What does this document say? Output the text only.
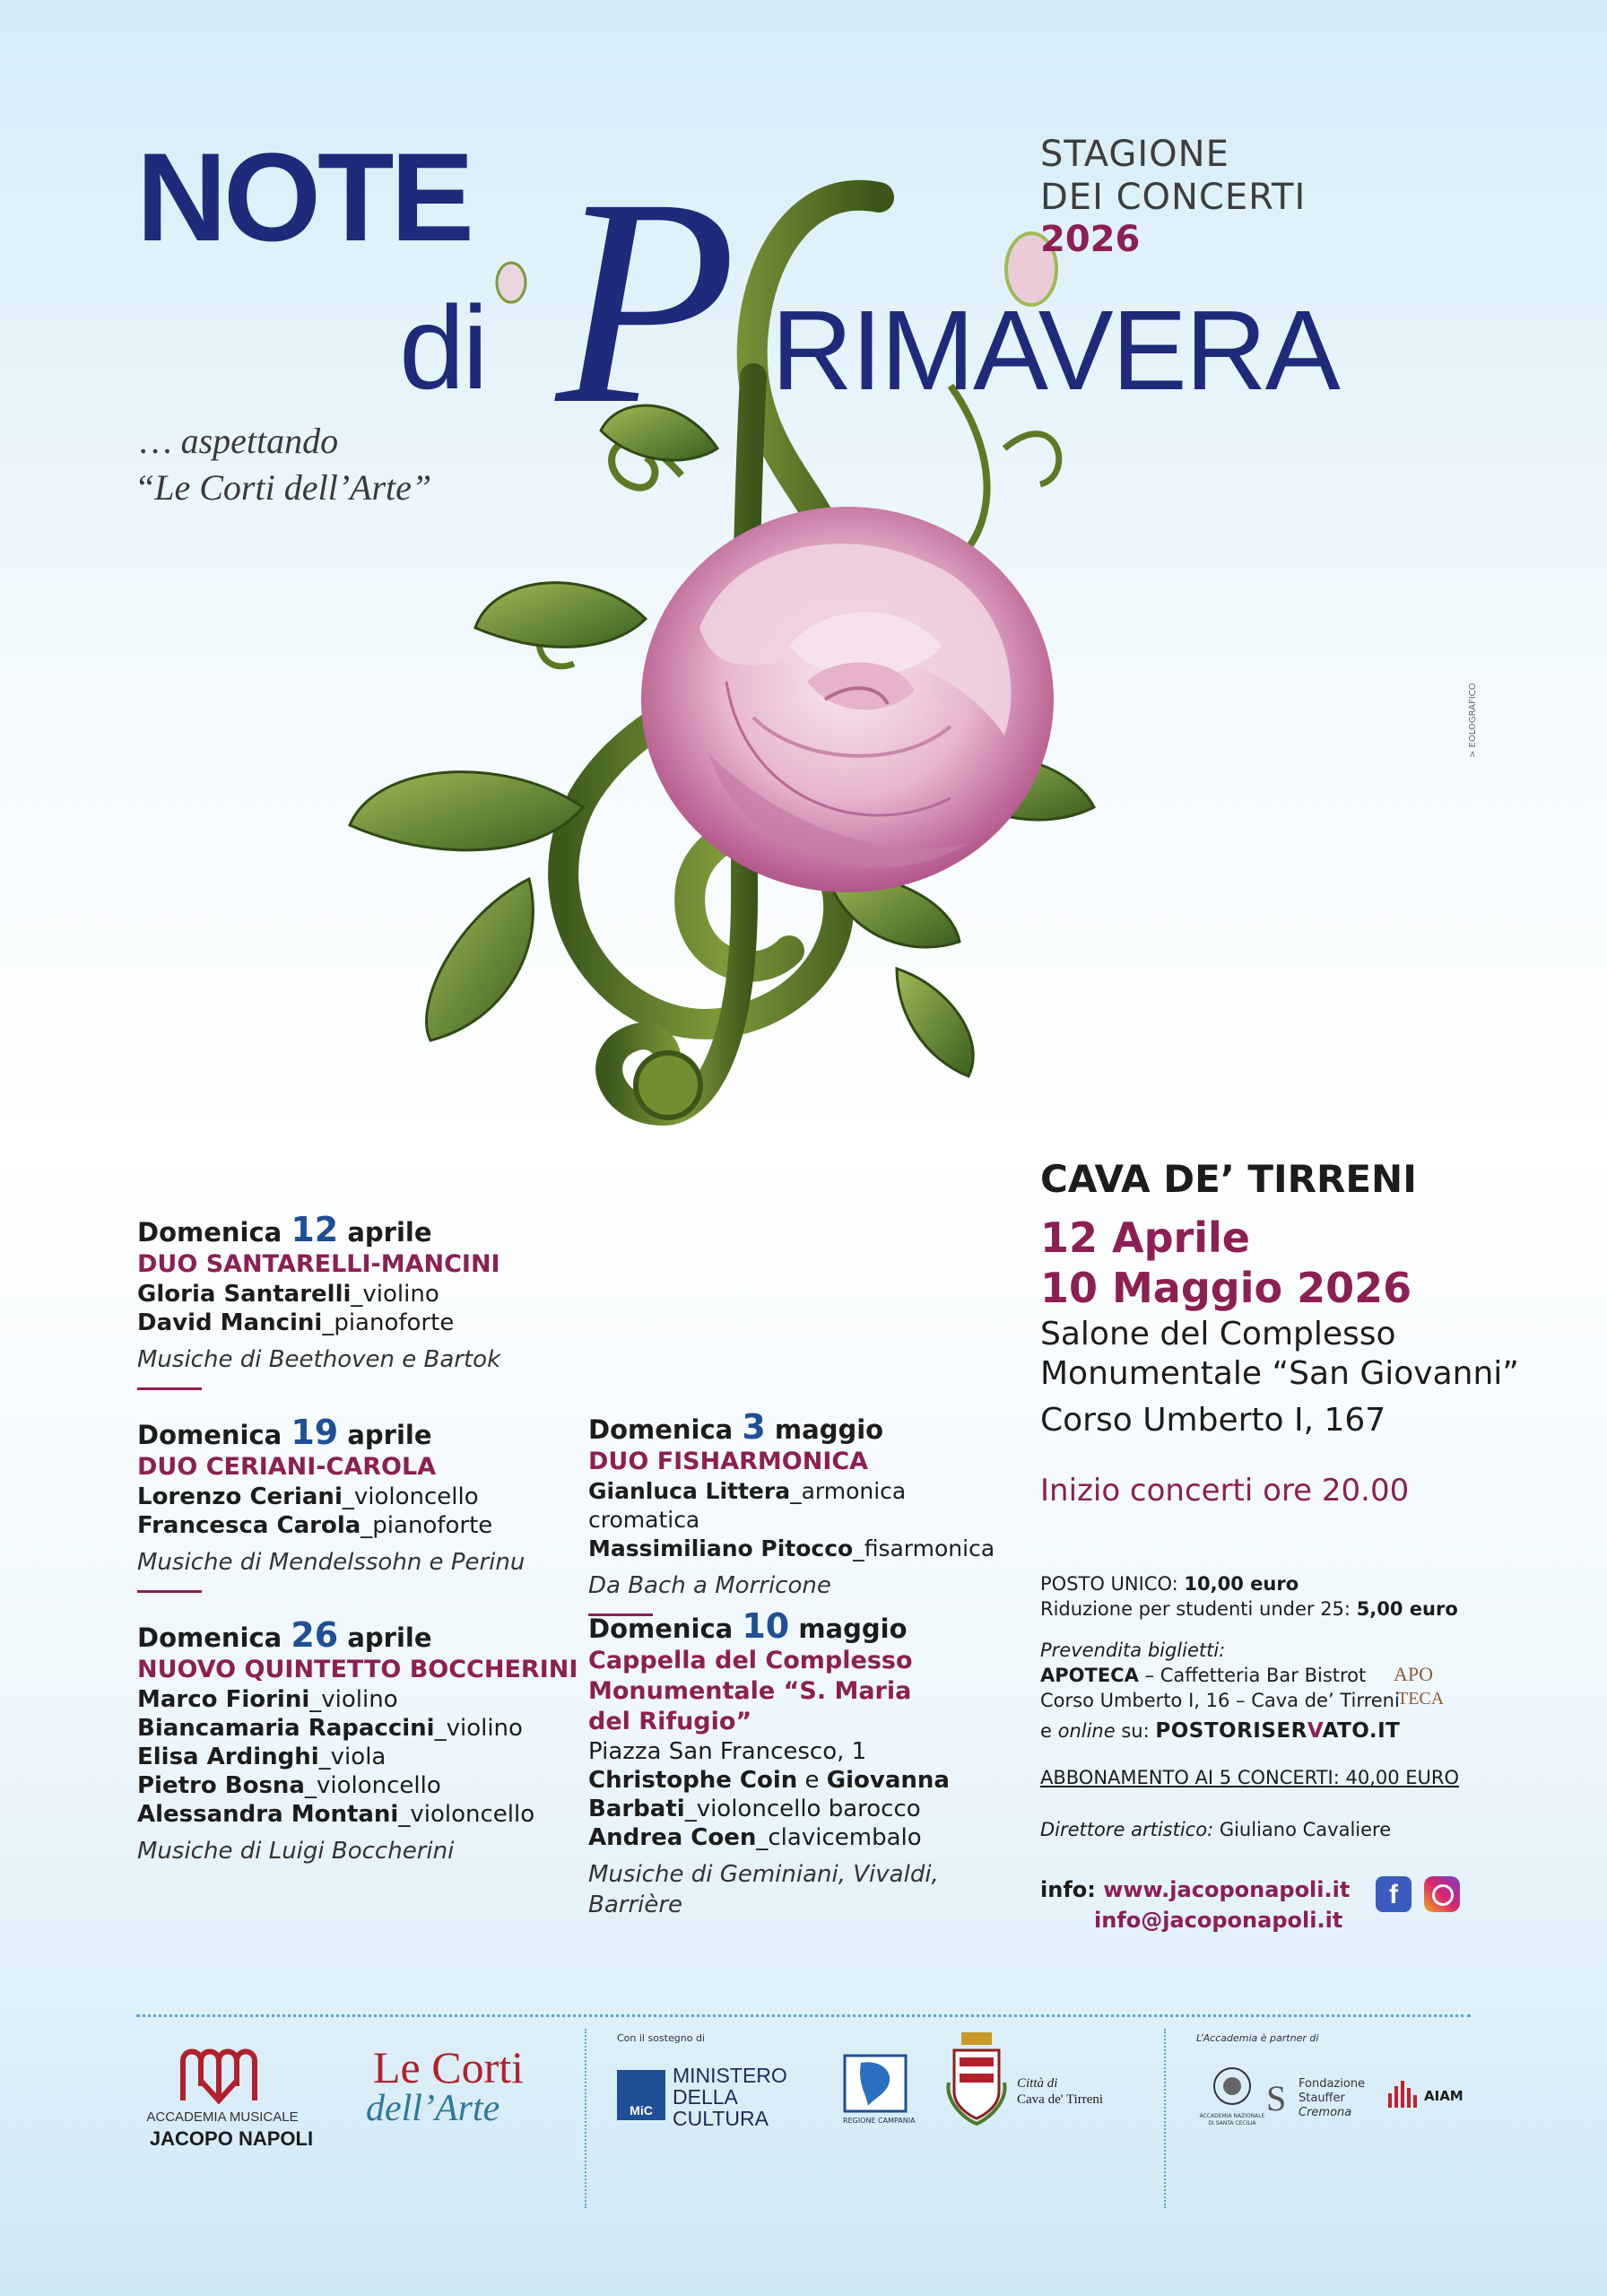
NOTE P
di	RIMAVERA
STAGIONE
DEI CONCERTI
2026
… aspettando
“Le Corti dell’Arte”
> EOLOGRAFICO
Domenica 12 aprile
DUO SANTARELLI-MANCINI
Gloria Santarelli_violino
David Mancini_pianoforte
Musiche di Beethoven e Bartok
Domenica 19 aprile
DUO CERIANI-CAROLA
Lorenzo Ceriani_violoncello
Francesca Carola_pianoforte
Musiche di Mendelssohn e Perinu
Domenica 26 aprile
NUOVO QUINTETTO BOCCHERINI
Marco Fiorini_violino
Biancamaria Rapaccini_violino
Elisa Ardinghi_viola
Pietro Bosna_violoncello
Alessandra Montani_violoncello
Musiche di Luigi Boccherini
Domenica 3 maggio
DUO FISHARMONICA
Gianluca Littera_armonica cromatica
Massimiliano Pitocco_fisarmonica
Da Bach a Morricone
Domenica 10 maggio
Cappella del Complesso
Monumentale “S. Maria
del Rifugio”
Piazza San Francesco, 1
Christophe Coin e Giovanna
Barbati_violoncello barocco
Andrea Coen_clavicembalo
Musiche di Geminiani, Vivaldi,
Barrière
CAVA DE’ TIRRENI
12 Aprile
10 Maggio 2026
Salone del Complesso
Monumentale “San Giovanni”
Corso Umberto I, 167
Inizio concerti ore 20.00
POSTO UNICO: 10,00 euro
Riduzione per studenti under 25: 5,00 euro
Prevendita biglietti:
APOTECA – Caffetteria Bar Bistrot
Corso Umberto I, 16 – Cava de’ Tirreni
e online su: POSTORISERVATO.IT
APO
TECA
ABBONAMENTO AI 5 CONCERTI: 40,00 EURO
Direttore artistico: Giuliano Cavaliere
info: www.jacoponapoli.it
info@jacoponapoli.it
f
ACCADEMIA MUSICALE
JACOPO NAPOLI
Le Corti
dell’Arte
Con il sostegno di
MiC
MINISTERO
DELLA
CULTURA	REGIONE CAMPANIA
Città di
Cava de' Tirreni
L’Accademia è partner di
ACCADEMIA NAZIONALE DI SANTA CECILIA
S Fondazione
Stauffer
Cremona
AIAM
